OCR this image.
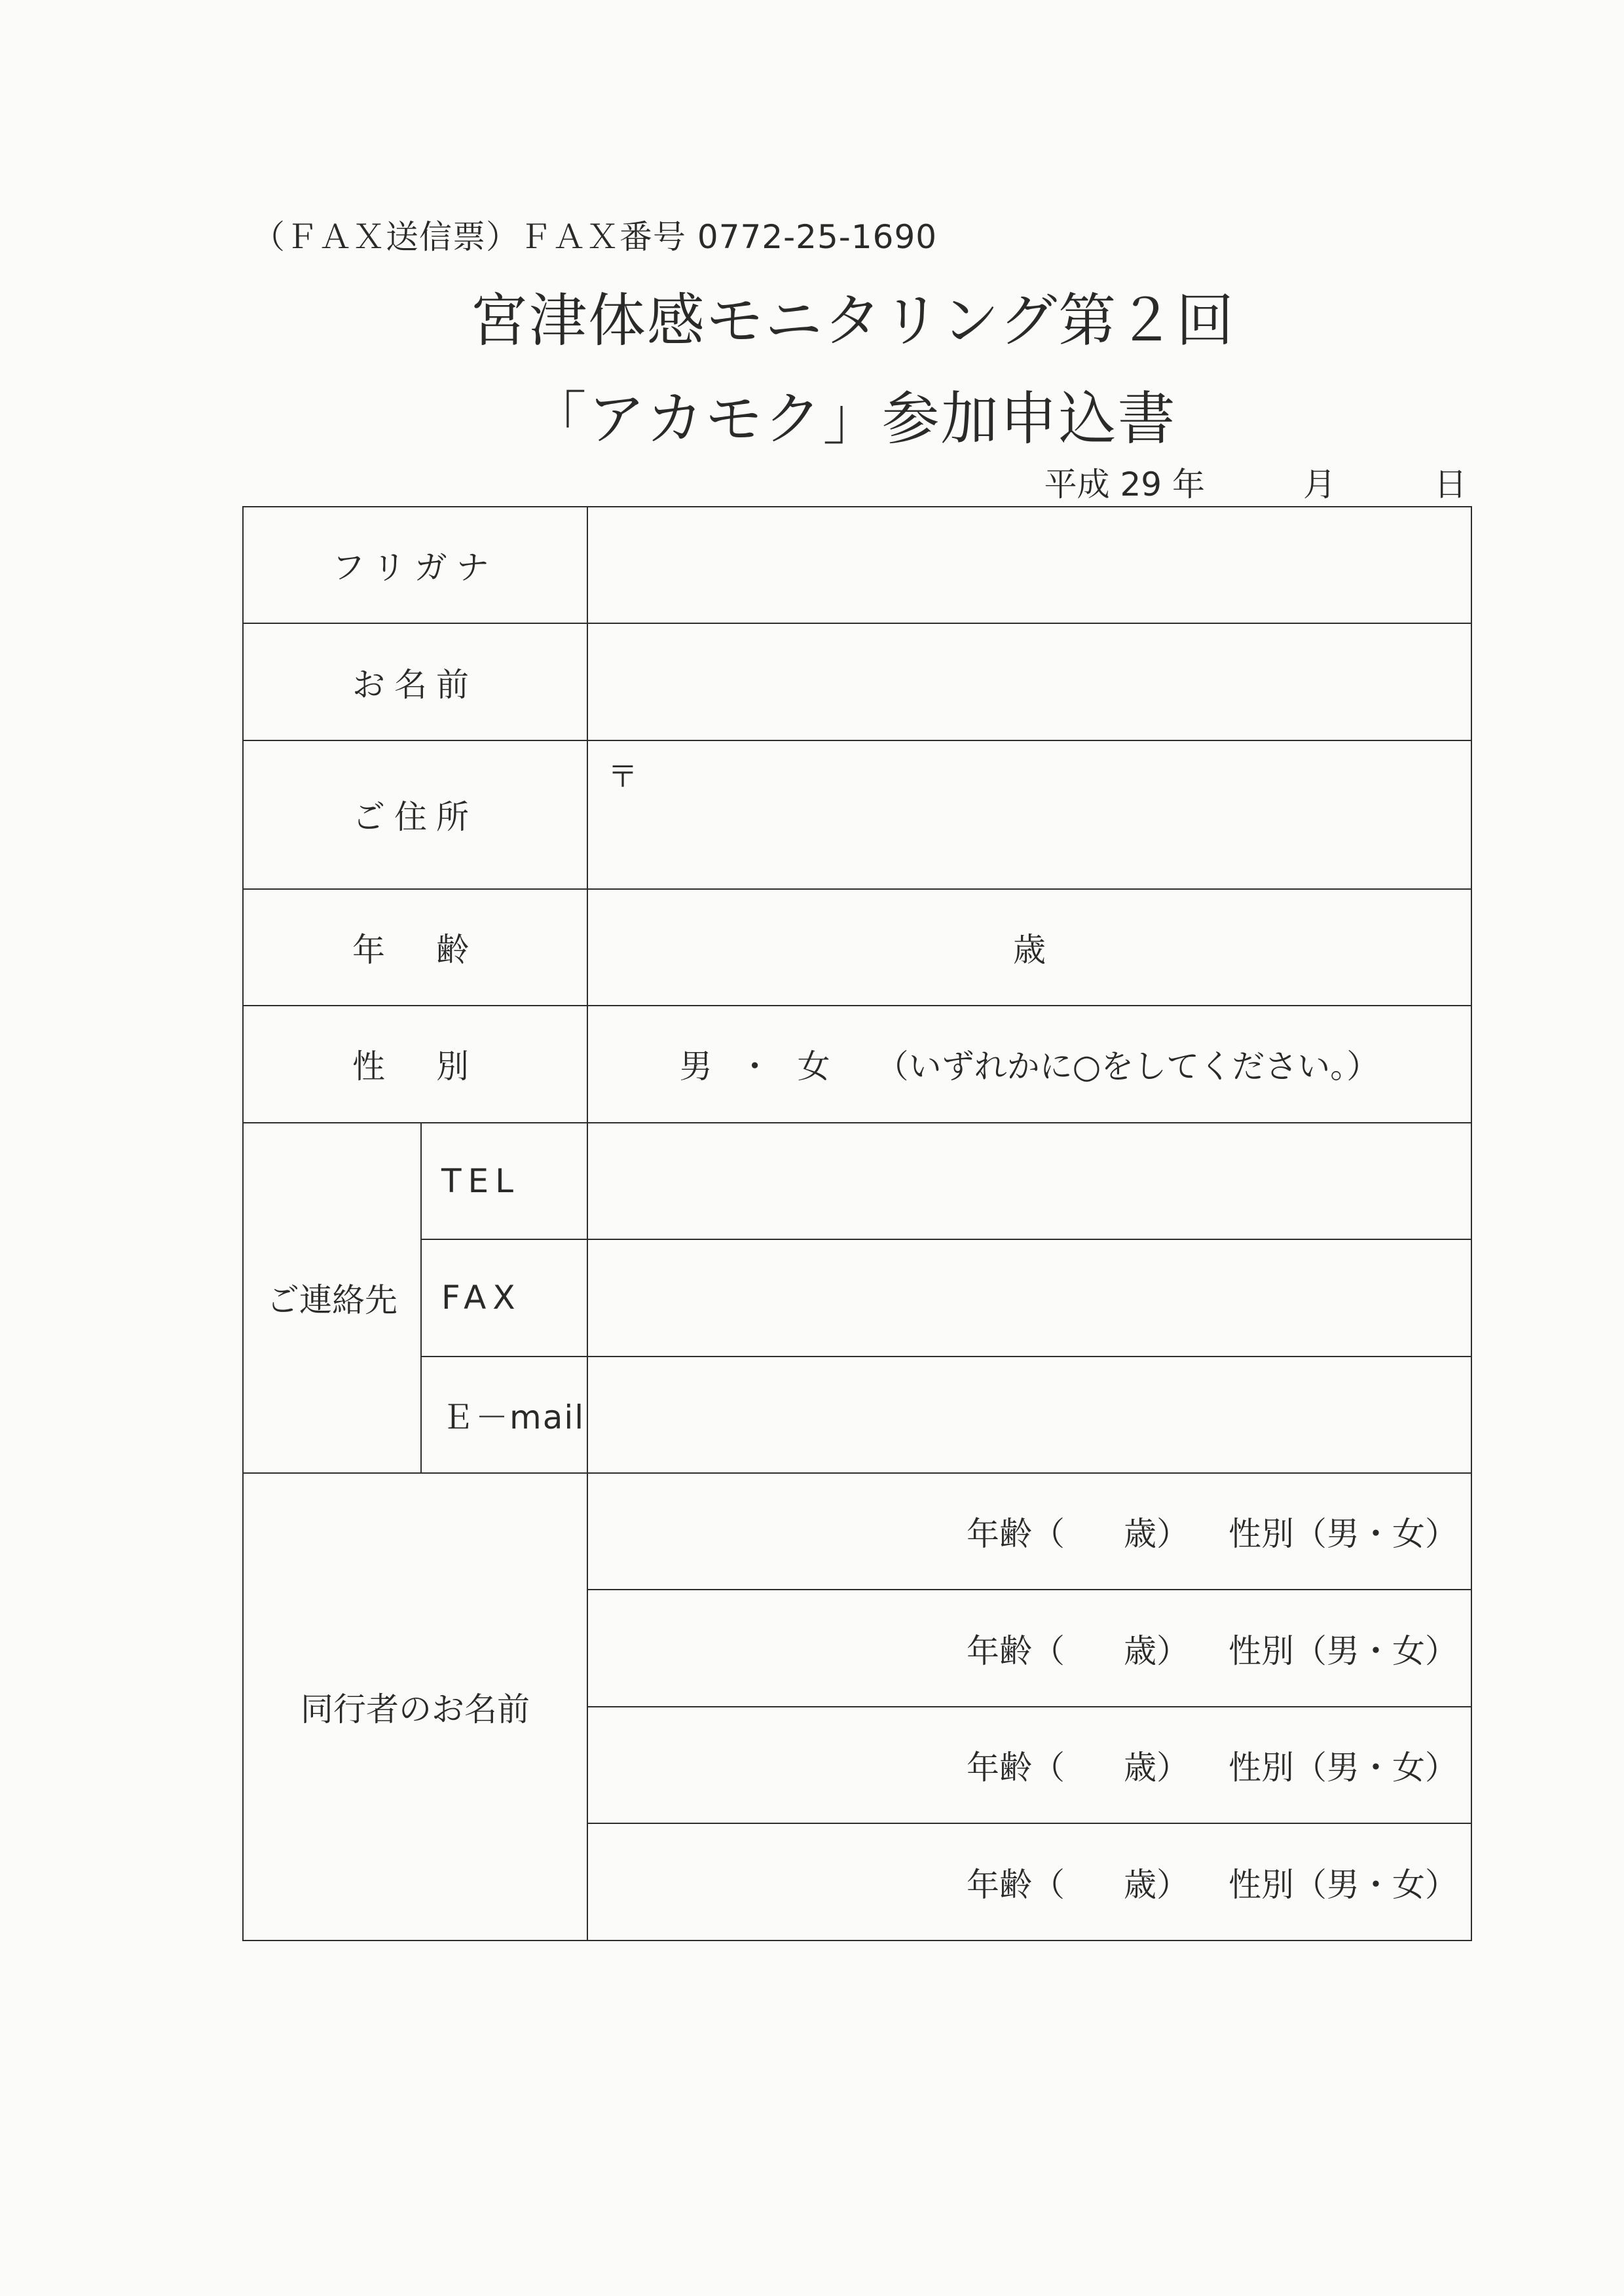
（ＦＡＸ送信票）ＦＡＸ番号 0772-25-1690
宮津体感モニタリング第２回
「アカモク」参加申込書
平成 29 年	月	日
フリガナ		
お名前		
ご住所		〒

年　齢		歳
性　別		男 ・ 女 （いずれかに○をしてください。）
ご連絡先	TEL	
	FAX	
	Ｅ－mail	
同行者のお名前		年齢（ 歳） 性別（男・女）
		年齢（ 歳） 性別（男・女）
		年齢（ 歳） 性別（男・女）
		年齢（ 歳） 性別（男・女）
